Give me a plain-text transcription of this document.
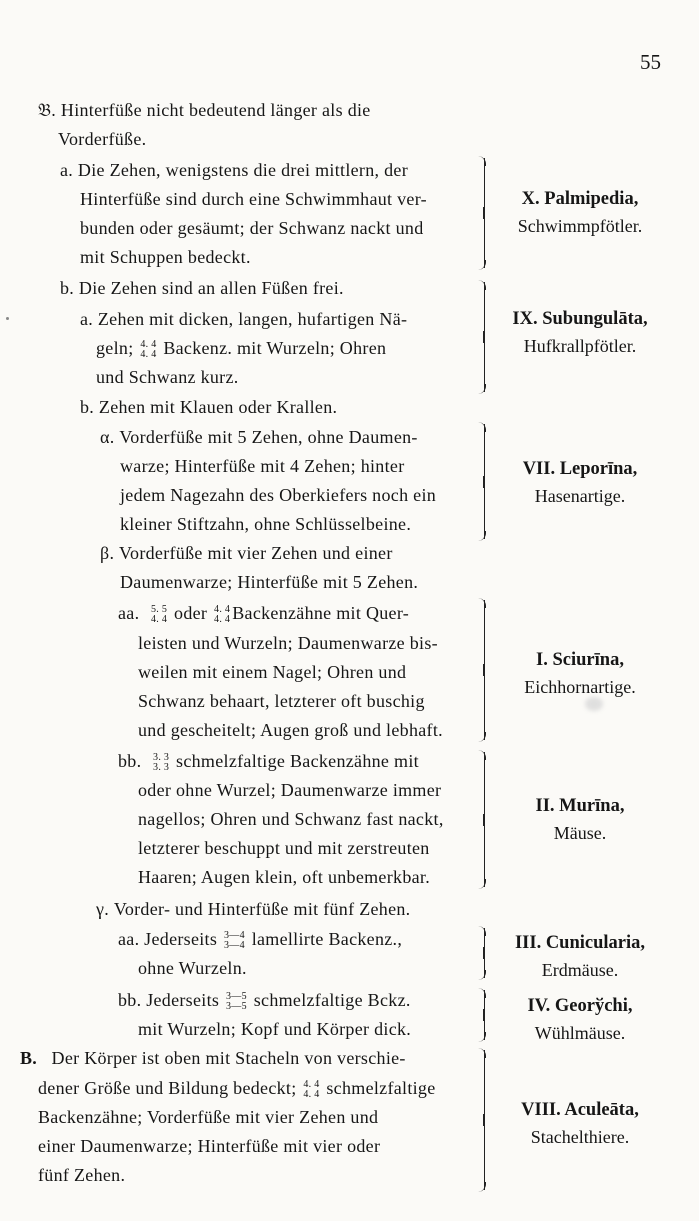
55
𝔅. Hinterfüße nicht bedeutend länger als die
Vorderfüße.
a. Die Zehen, wenigstens die drei mittlern, der
Hinterfüße sind durch eine Schwimmhaut ver-
bunden oder gesäumt; der Schwanz nackt und
mit Schuppen bedeckt.
b. Die Zehen sind an allen Füßen frei.
a. Zehen mit dicken, langen, hufartigen Nä-
geln; 4. 4
4. 4 Backenz. mit Wurzeln; Ohren
und Schwanz kurz.
b. Zehen mit Klauen oder Krallen.
α. Vorderfüße mit 5 Zehen, ohne Daumen-
warze; Hinterfüße mit 4 Zehen; hinter
jedem Nagezahn des Oberkiefers noch ein
kleiner Stiftzahn, ohne Schlüsselbeine.
β. Vorderfüße mit vier Zehen und einer
Daumenwarze; Hinterfüße mit 5 Zehen.
aa. 5. 5
4. 4 oder 4. 4
4. 4 Backenzähne mit Quer-
leisten und Wurzeln; Daumenwarze bis-
weilen mit einem Nagel; Ohren und
Schwanz behaart, letzterer oft buschig
und gescheitelt; Augen groß und lebhaft.
bb. 3. 3
3. 3 schmelzfaltige Backenzähne mit
oder ohne Wurzel; Daumenwarze immer
nagellos; Ohren und Schwanz fast nackt,
letzterer beschuppt und mit zerstreuten
Haaren; Augen klein, oft unbemerkbar.
γ. Vorder- und Hinterfüße mit fünf Zehen.
aa. Jederseits 3—4
3—4 lamellirte Backenz.,
ohne Wurzeln.
bb. Jederseits 3—5
3—5 schmelzfaltige Bckz.
mit Wurzeln; Kopf und Körper dick.
B. Der Körper ist oben mit Stacheln von verschie-
dener Größe und Bildung bedeckt; 4. 4
4. 4 schmelzfaltige
Backenzähne; Vorderfüße mit vier Zehen und
einer Daumenwarze; Hinterfüße mit vier oder
fünf Zehen.
X. Palmipedia,
Schwimmpfötler.
IX. Subungulāta,
Hufkrallpfötler.
VII. Leporīna,
Hasenartige.
I. Sciurīna,
Eichhornartige.
II. Murīna,
Mäuse.
III. Cunicularia,
Erdmäuse.
IV. Georўchi,
Wühlmäuse.
VIII. Aculeāta,
Stachelthiere.
